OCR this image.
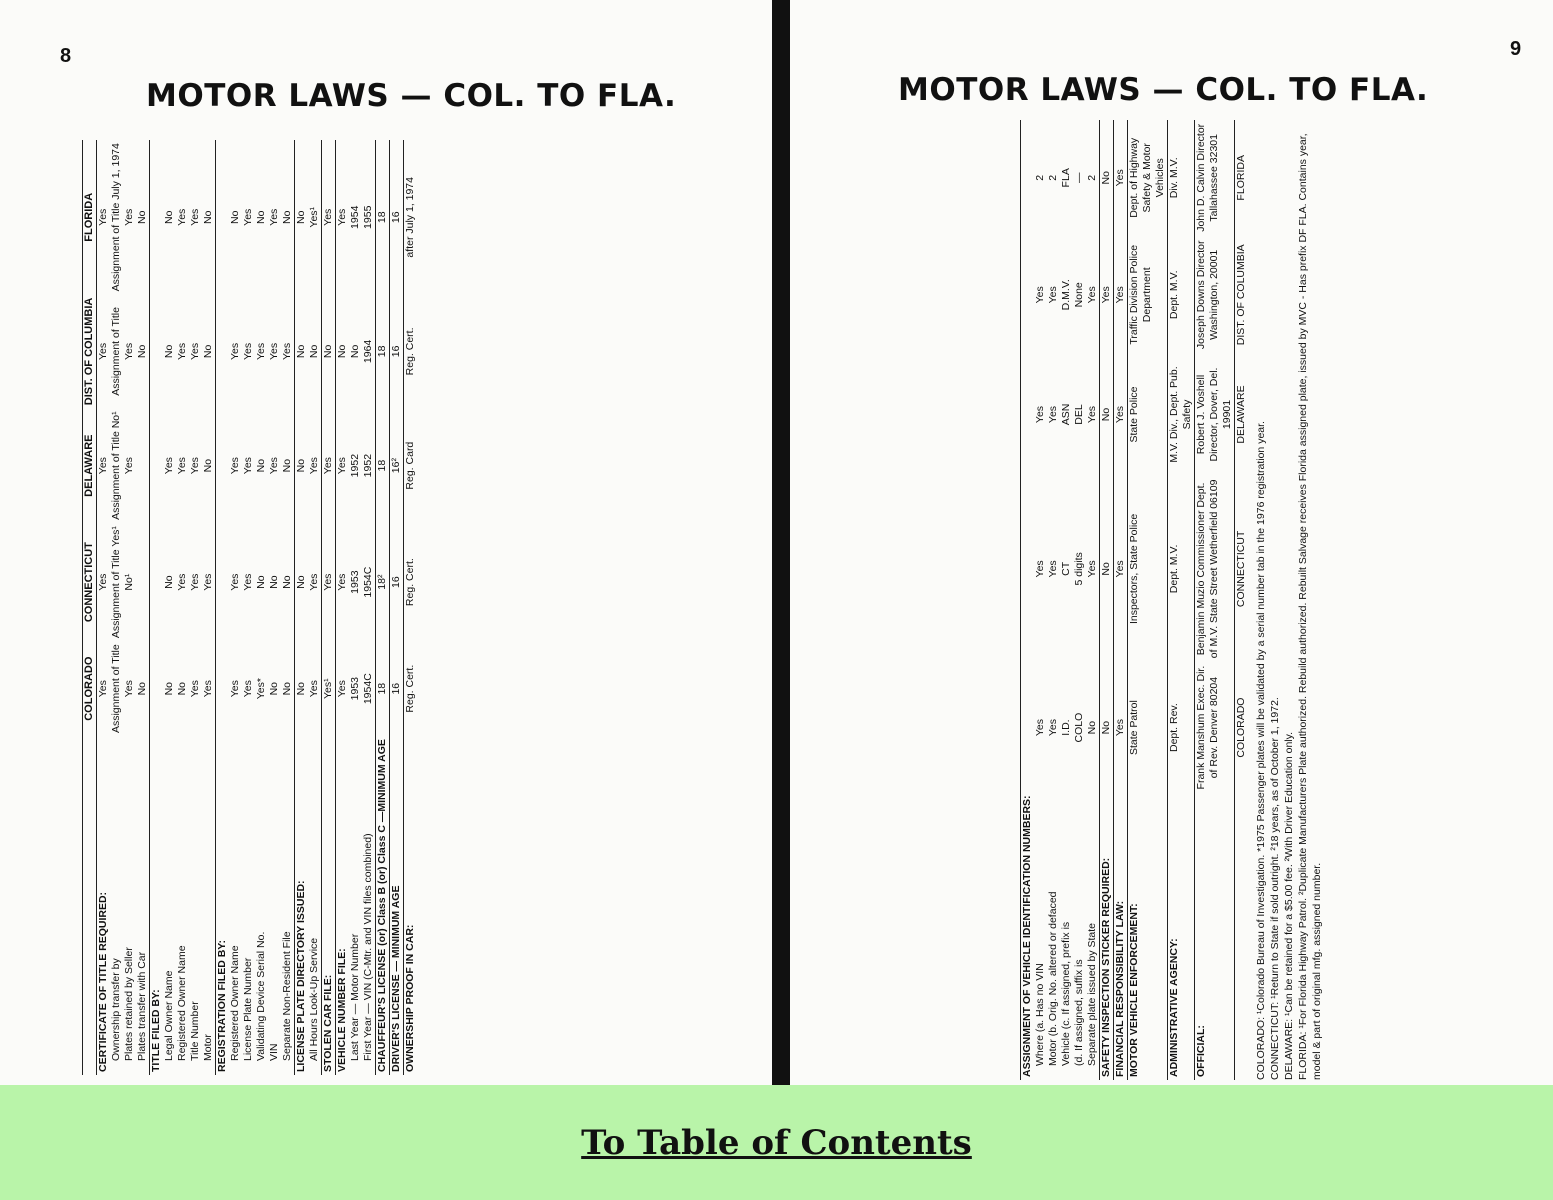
8
MOTOR LAWS — COL. TO FLA.
	COLORADO	CONNECTICUT	DELAWARE	DIST. OF COLUMBIA	FLORIDA
CERTIFICATE OF TITLE REQUIRED:	Yes	Yes	Yes	Yes	Yes
Ownership transfer by	Assignment of Title	Assignment of Title Yes¹	Assignment of Title No¹	Assignment of Title	Assignment of Title July 1, 1974
Plates retained by Seller	Yes	No¹	Yes	Yes	Yes
Plates transfer with Car	No			No	No
TITLE FILED BY:					
Legal Owner Name	No	No	Yes	No	No
Registered Owner Name	No	Yes	Yes	Yes	Yes
Title Number	Yes	Yes	Yes	Yes	Yes
Motor	Yes	Yes	No	No	No
REGISTRATION FILED BY:					
Registered Owner Name	Yes	Yes	Yes	Yes	No
License Plate Number	Yes	Yes	Yes	Yes	Yes
Validating Device Serial No.	Yes*	No	No	Yes	No
VIN	No	No	Yes	Yes	Yes
Separate Non-Resident File	No	No	No	Yes	No
LICENSE PLATE DIRECTORY ISSUED:	No	No	No	No	No
All Hours Look-Up Service	Yes	Yes	Yes	No	Yes¹
STOLEN CAR FILE:	Yes¹	Yes	Yes	No	Yes
VEHICLE NUMBER FILE:	Yes	Yes	Yes	No	Yes
Last Year — Motor Number	1953	1953	1952	No	1954
First Year — VIN (C-Mtr. and VIN files combined)	1954C	1954C	1952	1964	1955
CHAUFFEUR'S LICENSE (or) Class B (or) Class C —MINIMUM AGE	18	18²	18	18	18
DRIVER'S LICENSE — MINIMUM AGE	16	16	16²	16	16
OWNERSHIP PROOF IN CAR:	Reg. Cert.	Reg. Cert.	Reg. Card	Reg. Cert.	after July 1, 1974
9
MOTOR LAWS — COL. TO FLA.
ASSIGNMENT OF VEHICLE IDENTIFICATION NUMBERS:					
Where (a. Has no VIN	Yes	Yes	Yes	Yes	2
Motor (b. Orig. No. altered or defaced	Yes	Yes	Yes	Yes	2
Vehicle (c. If assigned, prefix is	I.D.	CT	ASN	D.M.V.	FLA
(d. If assigned, suffix is	COLO	5 digits	DEL	None	—
Separate plate issued by State	No	Yes	Yes	Yes	2
SAFETY INSPECTION STICKER REQUIRED:	No	No	No	Yes	No
FINANCIAL RESPONSIBILITY LAW:	Yes	Yes	Yes	Yes	Yes
MOTOR VEHICLE ENFORCEMENT:	State Patrol	Inspectors, State Police	State Police	Traffic Division Police Department	Dept. of Highway Safety & Motor Vehicles
ADMINISTRATIVE AGENCY:	Dept. Rev.	Dept. M.V.	M.V. Div., Dept. Pub. Safety	Dept. M.V.	Div. M.V.
OFFICIAL:	Frank Manshum Exec. Dir. of Rev. Denver 80204	Benjamin Muzio Commissioner Dept. of M.V. State Street Wetherfield 06109	Robert J. Voshell Director, Dover, Del. 19901	Joseph Downs Director Washington, 20001	John D. Calvin Director Tallahassee 32301
	COLORADO	CONNECTICUT	DELAWARE	DIST. OF COLUMBIA	FLORIDA

COLORADO: ¹Colorado Bureau of Investigation. *1975 Passenger plates will be validated by a serial number tab in the 1976 registration year. CONNECTICUT: ¹Return to State if sold outright. ²18 years, as of October 1, 1972. DELAWARE: ¹Can be retained for a $5.00 fee. ²With Driver Education only. FLORIDA: ¹For Florida Highway Patrol. ²Duplicate Manufacturers Plate authorized. Rebuild authorized. Rebuilt Salvage receives Florida assigned plate, issued by MVC - Has prefix DF FLA. Contains year, model & part of original mfg. assigned number.

To Table of Contents
